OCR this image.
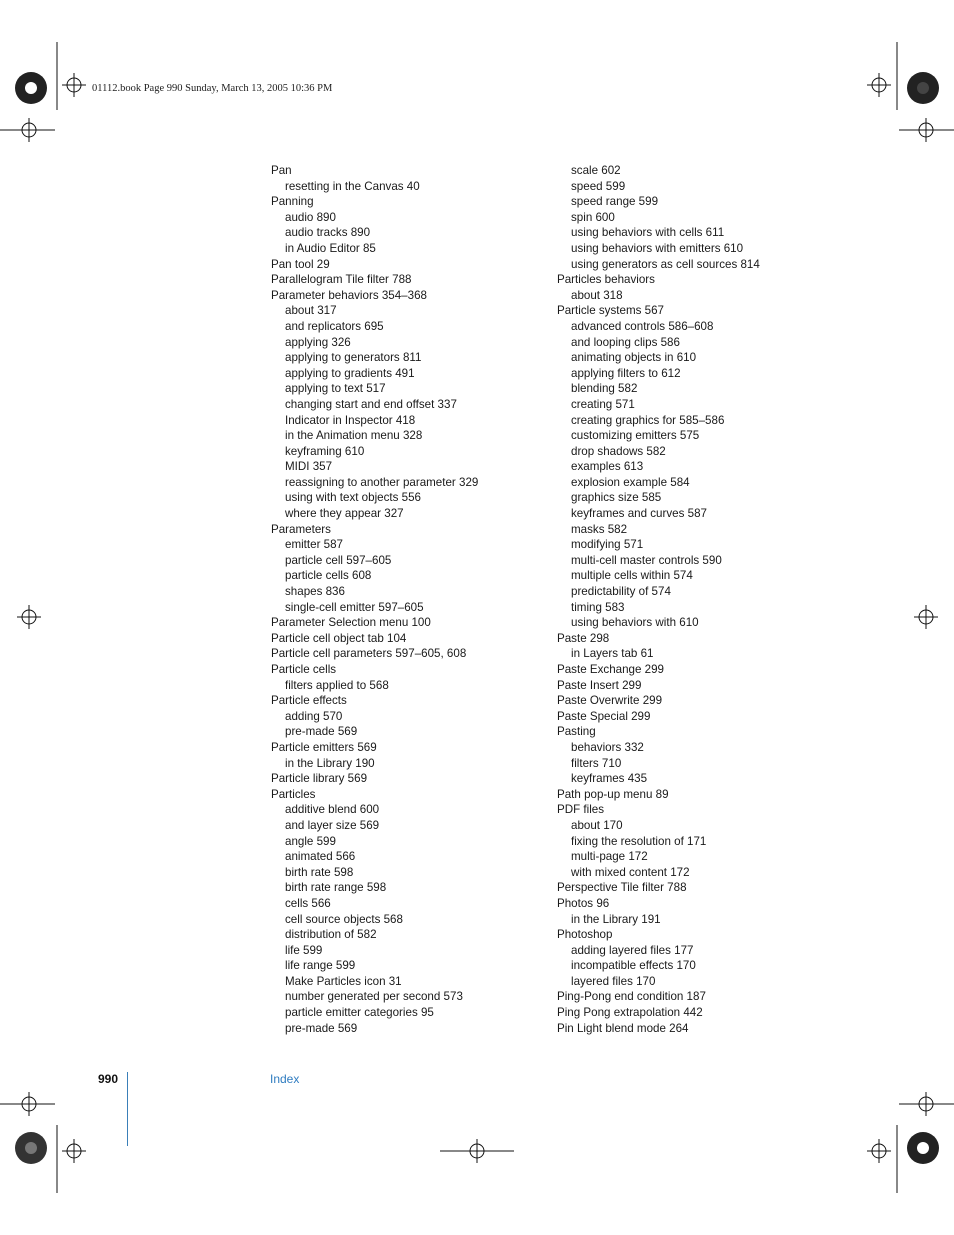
01112.book Page 990 Sunday, March 13, 2005 10:36 PM
Pan
resetting in the Canvas 40
Panning
audio 890
audio tracks 890
in Audio Editor 85
Pan tool 29
Parallelogram Tile filter 788
Parameter behaviors 354–368
about 317
and replicators 695
applying 326
applying to generators 811
applying to gradients 491
applying to text 517
changing start and end offset 337
Indicator in Inspector 418
in the Animation menu 328
keyframing 610
MIDI 357
reassigning to another parameter 329
using with text objects 556
where they appear 327
Parameters
emitter 587
particle cell 597–605
particle cells 608
shapes 836
single-cell emitter 597–605
Parameter Selection menu 100
Particle cell object tab 104
Particle cell parameters 597–605, 608
Particle cells
filters applied to 568
Particle effects
adding 570
pre-made 569
Particle emitters 569
in the Library 190
Particle library 569
Particles
additive blend 600
and layer size 569
angle 599
animated 566
birth rate 598
birth rate range 598
cells 566
cell source objects 568
distribution of 582
life 599
life range 599
Make Particles icon 31
number generated per second 573
particle emitter categories 95
pre-made 569
scale 602
speed 599
speed range 599
spin 600
using behaviors with cells 611
using behaviors with emitters 610
using generators as cell sources 814
Particles behaviors
about 318
Particle systems 567
advanced controls 586–608
and looping clips 586
animating objects in 610
applying filters to 612
blending 582
creating 571
creating graphics for 585–586
customizing emitters 575
drop shadows 582
examples 613
explosion example 584
graphics size 585
keyframes and curves 587
masks 582
modifying 571
multi-cell master controls 590
multiple cells within 574
predictability of 574
timing 583
using behaviors with 610
Paste 298
in Layers tab 61
Paste Exchange 299
Paste Insert 299
Paste Overwrite 299
Paste Special 299
Pasting
behaviors 332
filters 710
keyframes 435
Path pop-up menu 89
PDF files
about 170
fixing the resolution of 171
multi-page 172
with mixed content 172
Perspective Tile filter 788
Photos 96
in the Library 191
Photoshop
adding layered files 177
incompatible effects 170
layered files 170
Ping-Pong end condition 187
Ping Pong extrapolation 442
Pin Light blend mode 264
990	Index
